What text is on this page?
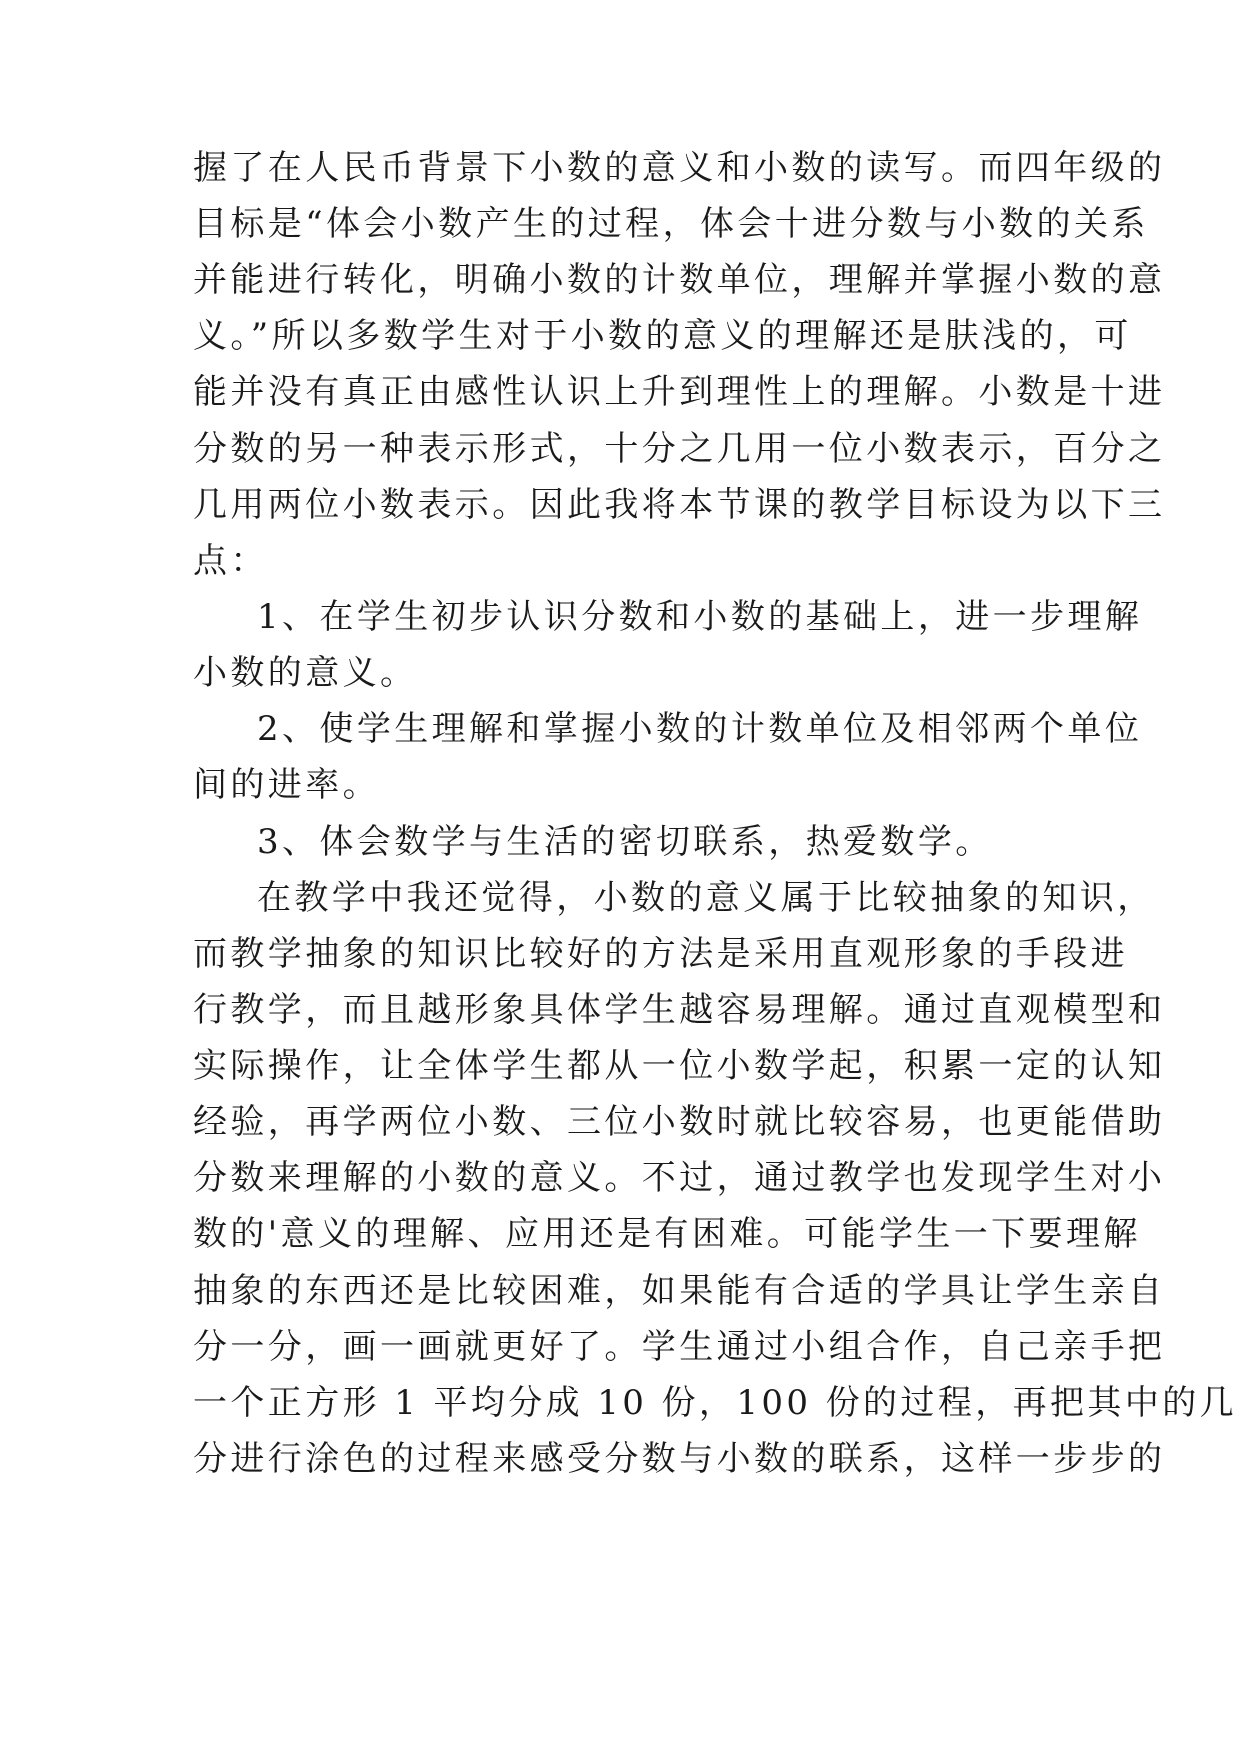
握了在人民币背景下小数的意义和小数的读写。而四年级的
目标是“体会小数产生的过程，体会十进分数与小数的关系
并能进行转化，明确小数的计数单位，理解并掌握小数的意
义。”所以多数学生对于小数的意义的理解还是肤浅的，可
能并没有真正由感性认识上升到理性上的理解。小数是十进
分数的另一种表示形式，十分之几用一位小数表示，百分之
几用两位小数表示。因此我将本节课的教学目标设为以下三
点：
1、在学生初步认识分数和小数的基础上，进一步理解
小数的意义。
2、使学生理解和掌握小数的计数单位及相邻两个单位
间的进率。
3、体会数学与生活的密切联系，热爱数学。
在教学中我还觉得，小数的意义属于比较抽象的知识，
而教学抽象的知识比较好的方法是采用直观形象的手段进
行教学，而且越形象具体学生越容易理解。通过直观模型和
实际操作，让全体学生都从一位小数学起，积累一定的认知
经验，再学两位小数、三位小数时就比较容易，也更能借助
分数来理解的小数的意义。不过，通过教学也发现学生对小
数的'意义的理解、应用还是有困难。可能学生一下要理解
抽象的东西还是比较困难，如果能有合适的学具让学生亲自
分一分，画一画就更好了。学生通过小组合作，自己亲手把
一个正方形 1 平均分成 10 份，100 份的过程，再把其中的几
分进行涂色的过程来感受分数与小数的联系，这样一步步的
